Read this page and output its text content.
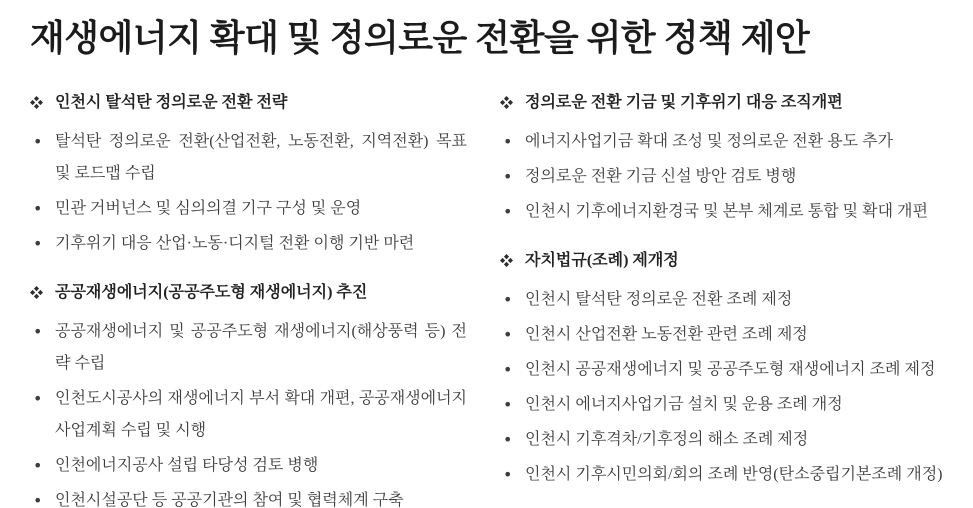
재생에너지 확대 및 정의로운 전환을 위한 정책 제안
인천시 탈석탄 정의로운 전환 전략
• 탈석탄 정의로운 전환(산업전환, 노동전환, 지역전환) 목표 및 로드맵 수립
• 민관 거버넌스 및 심의의결 기구 구성 및 운영
• 기후위기 대응 산업·노동·디지털 전환 이행 기반 마련
공공재생에너지(공공주도형 재생에너지) 추진
• 공공재생에너지 및 공공주도형 재생에너지(해상풍력 등) 전략 수립
• 인천도시공사의 재생에너지 부서 확대 개편, 공공재생에너지 사업계획 수립 및 시행
• 인천에너지공사 설립 타당성 검토 병행
• 인천시설공단 등 공공기관의 참여 및 협력체계 구축
정의로운 전환 기금 및 기후위기 대응 조직개편
• 에너지사업기금 확대 조성 및 정의로운 전환 용도 추가
• 정의로운 전환 기금 신설 방안 검토 병행
• 인천시 기후에너지환경국 및 본부 체계로 통합 및 확대 개편
자치법규(조례) 제개정
• 인천시 탈석탄 정의로운 전환 조례 제정
• 인천시 산업전환 노동전환 관련 조례 제정
• 인천시 공공재생에너지 및 공공주도형 재생에너지 조례 제정
• 인천시 에너지사업기금 설치 및 운용 조례 개정
• 인천시 기후격차/기후정의 해소 조례 제정
• 인천시 기후시민의회/회의 조례 반영(탄소중립기본조례 개정)
